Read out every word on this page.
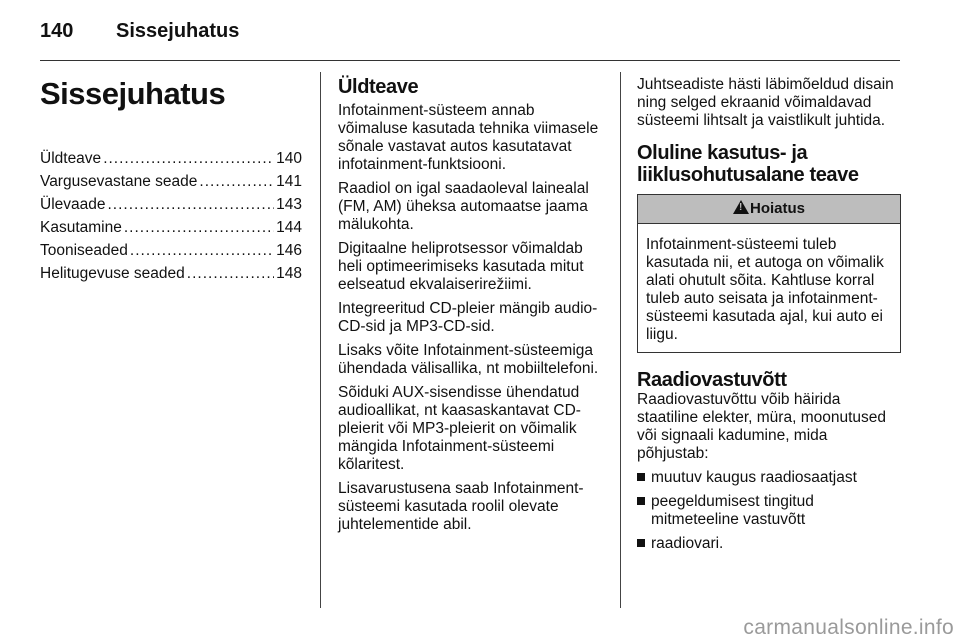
140 Sissejuhatus
Sissejuhatus
Üldteave .....	140
Vargusevastane seade .....	141
Ülevaade .....	143
Kasutamine .....	144
Tooniseaded .....	146
Helitugevuse seaded .....	148
Üldteave

Infotainment-süsteem annab võimaluse kasutada tehnika viimasele sõnale vastavat autos kasutatavat infotainment-funktsiooni.

Raadiol on igal saadaoleval lainealal (FM, AM) üheksa automaatse jaama mälukohta.

Digitaalne heliprotsessor võimaldab heli optimeerimiseks kasutada mitut eelseatud ekvalaiserirežiimi.

Integreeritud CD-pleier mängib audio-CD-sid ja MP3-CD-sid.

Lisaks võite Infotainment-süsteemiga ühendada välisallika, nt mobiiltelefoni.

Sõiduki AUX-sisendisse ühendatud audioallikat, nt kaasaskantavat CD-pleierit või MP3-pleierit on võimalik mängida Infotainment-süsteemi kõlaritest.

Lisavarustusena saab Infotainment-süsteemi kasutada roolil olevate juhtelementide abil.

Juhtseadiste hästi läbimõeldud disain ning selged ekraanid võimaldavad süsteemi lihtsalt ja vaistlikult juhtida.

Oluline kasutus- ja liiklusohutusalane teave
!Hoiatus
Infotainment-süsteemi tuleb kasutada nii, et autoga on võimalik alati ohutult sõita. Kahtluse korral tuleb auto seisata ja infotainment-süsteemi kasutada ajal, kui auto ei liigu.
Raadiovastuvõtt

Raadiovastuvõttu võib häirida staatiline elekter, müra, moonutused või signaali kadumine, mida põhjustab:

muutuv kaugus raadiosaatjast
peegeldumisest tingitud mitmeteeline vastuvõtt
raadiovari.
carmanualsonline.info
